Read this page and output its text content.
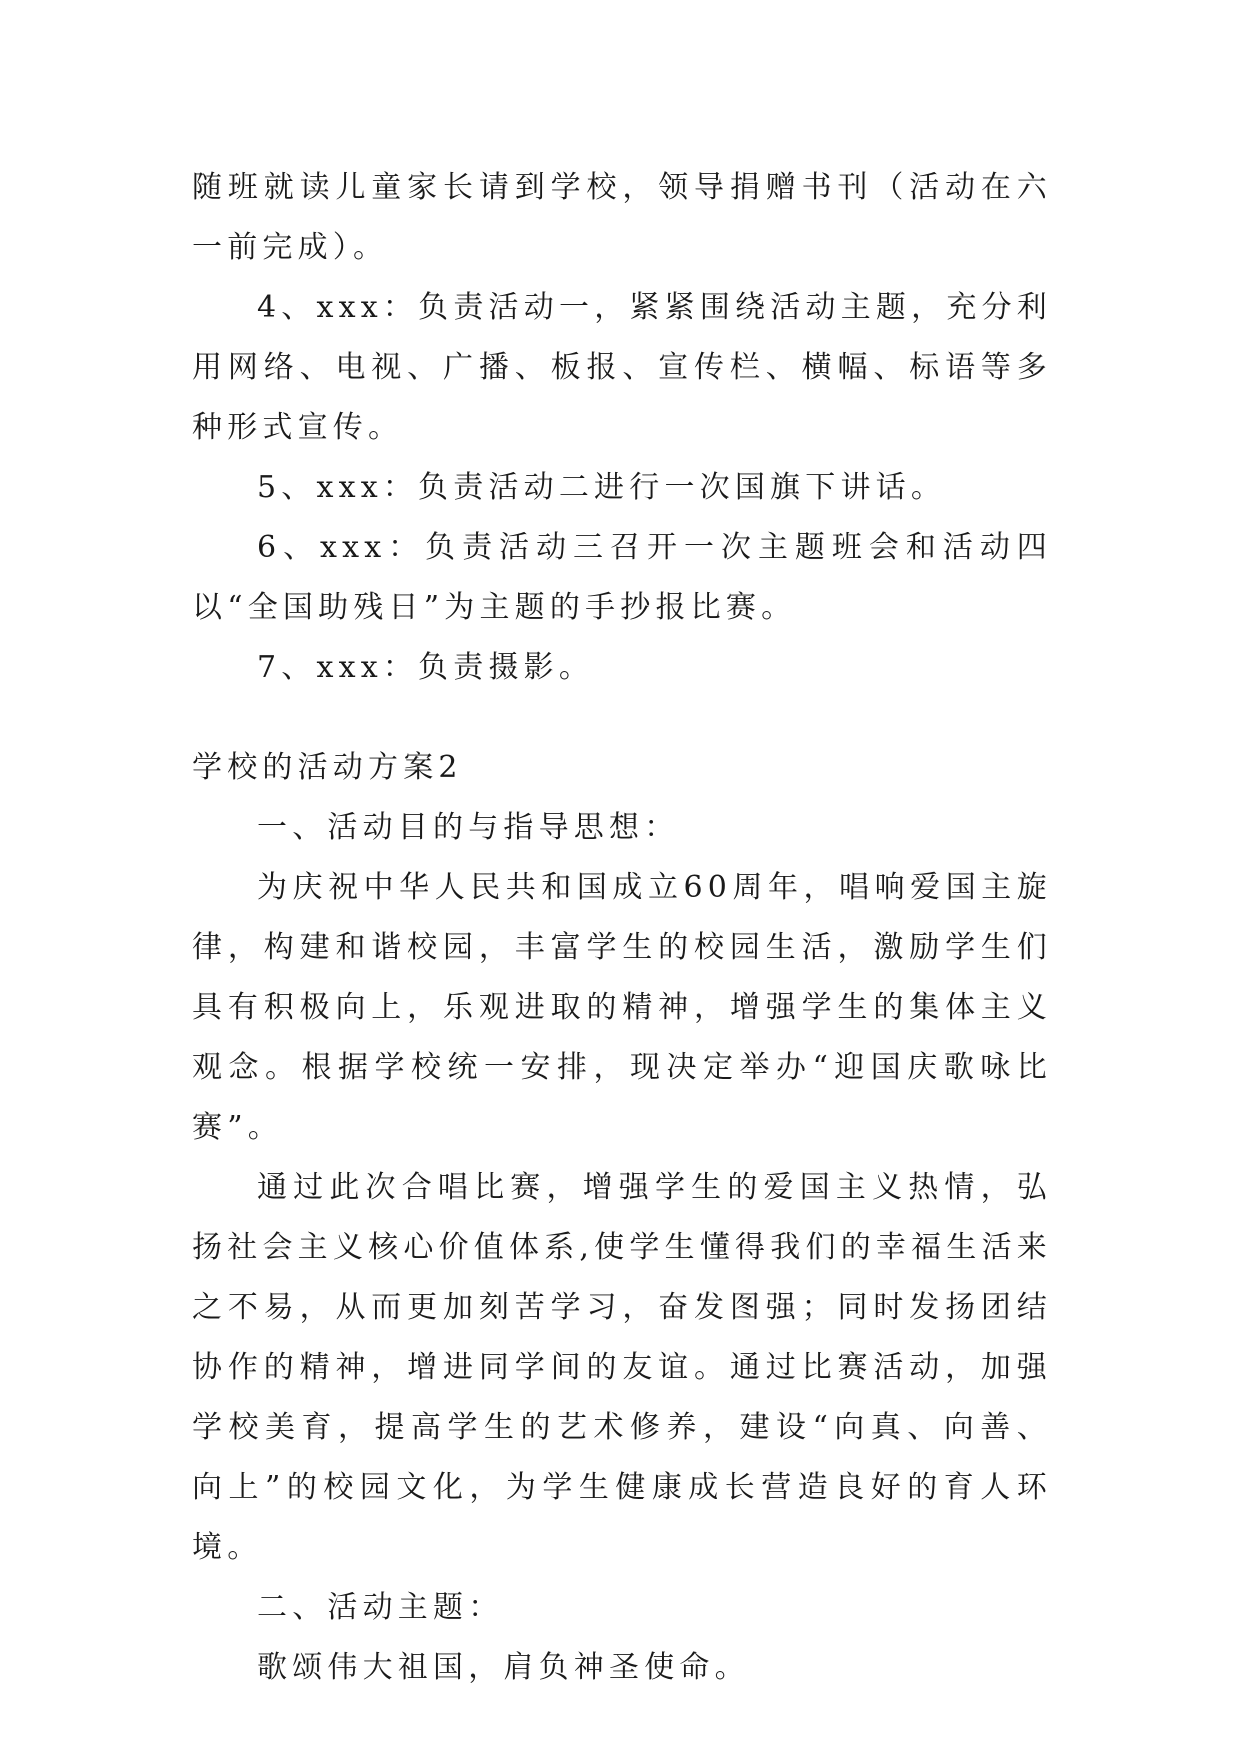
随班就读儿童家长请到学校，领导捐赠书刊（活动在六一前完成）。

4、xxx：负责活动一，紧紧围绕活动主题，充分利用网络、电视、广播、板报、宣传栏、横幅、标语等多种形式宣传。

5、xxx：负责活动二进行一次国旗下讲话。

6、xxx：负责活动三召开一次主题班会和活动四以“全国助残日”为主题的手抄报比赛。

7、xxx：负责摄影。

学校的活动方案2

一、活动目的与指导思想：

为庆祝中华人民共和国成立60周年，唱响爱国主旋律，构建和谐校园，丰富学生的校园生活，激励学生们具有积极向上，乐观进取的精神，增强学生的集体主义观念。根据学校统一安排，现决定举办“迎国庆歌咏比赛”。

通过此次合唱比赛，增强学生的爱国主义热情，弘扬社会主义核心价值体系,使学生懂得我们的幸福生活来之不易，从而更加刻苦学习，奋发图强；同时发扬团结协作的精神，增进同学间的友谊。通过比赛活动，加强学校美育，提高学生的艺术修养，建设“向真、向善、向上”的校园文化，为学生健康成长营造良好的育人环境。

二、活动主题：

歌颂伟大祖国，肩负神圣使命。
